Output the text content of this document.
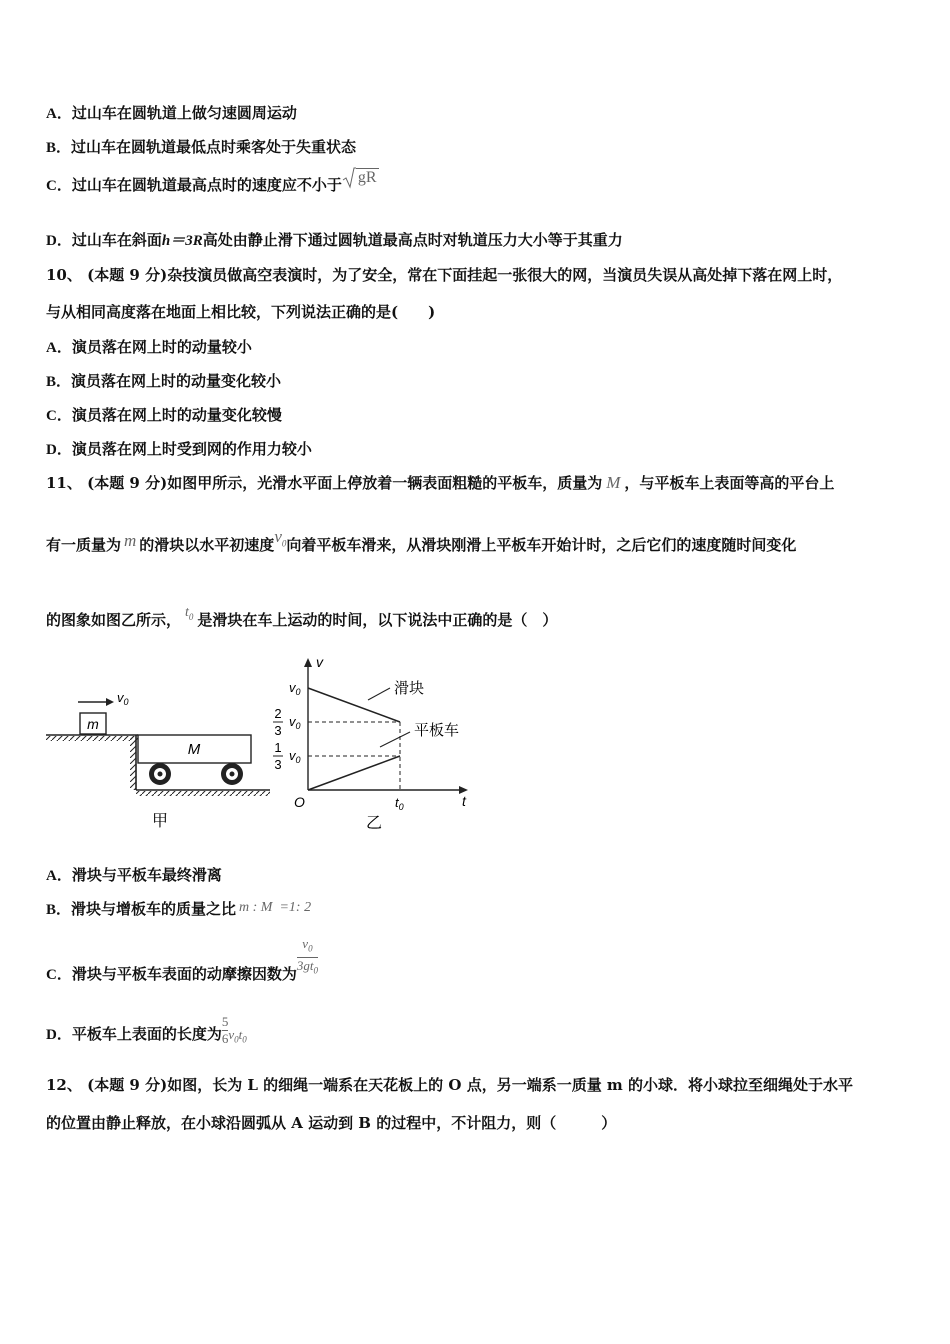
A．过山车在圆轨道上做匀速圆周运动
B．过山车在圆轨道最低点时乘客处于失重状态
C．过山车在圆轨道最高点时的速度应不小于 gR
D．过山车在斜面h＝3R高处由静止滑下通过圆轨道最高点时对轨道压力大小等于其重力
10、 (本题 9 分)杂技演员做高空表演时，为了安全，常在下面挂起一张很大的网，当演员失误从高处掉下落在网上时，
与从相同高度落在地面上相比较，下列说法正确的是(　　)
A．演员落在网上时的动量较小
B．演员落在网上时的动量变化较小
C．演员落在网上时的动量变化较慢
D．演员落在网上时受到网的作用力较小
11、 (本题 9 分)如图甲所示，光滑水平面上停放着一辆表面粗糙的平板车，质量为 M ，与平板车上表面等高的平台上
有一质量为 m 的滑块以水平初速度$v_0$向着平板车滑来，从滑块刚滑上平板车开始计时，之后它们的速度随时间变化
的图象如图乙所示， $t_0$ 是滑块在车上运动的时间，以下说法中正确的是（　）
m
$v_0$
M
甲
v
t
O
$v_0$
2
3
$v_0$
1
3
$v_0$
$t_0$
滑块
平板车
乙
A．滑块与平板车最终滑离
B．滑块与增板车的质量之比 m : M  =1: 2
C．滑块与平板车表面的动摩擦因数为 $\frac{v_0}{3gt_0}$
D．平板车上表面的长度为 $\frac{5}{6} v_0t_0$
12、 (本题 9 分)如图，长为 L 的细绳一端系在天花板上的 O 点，另一端系一质量 m 的小球．将小球拉至细绳处于水平
的位置由静止释放，在小球沿圆弧从 A 运动到 B 的过程中，不计阻力，则（　　　）
